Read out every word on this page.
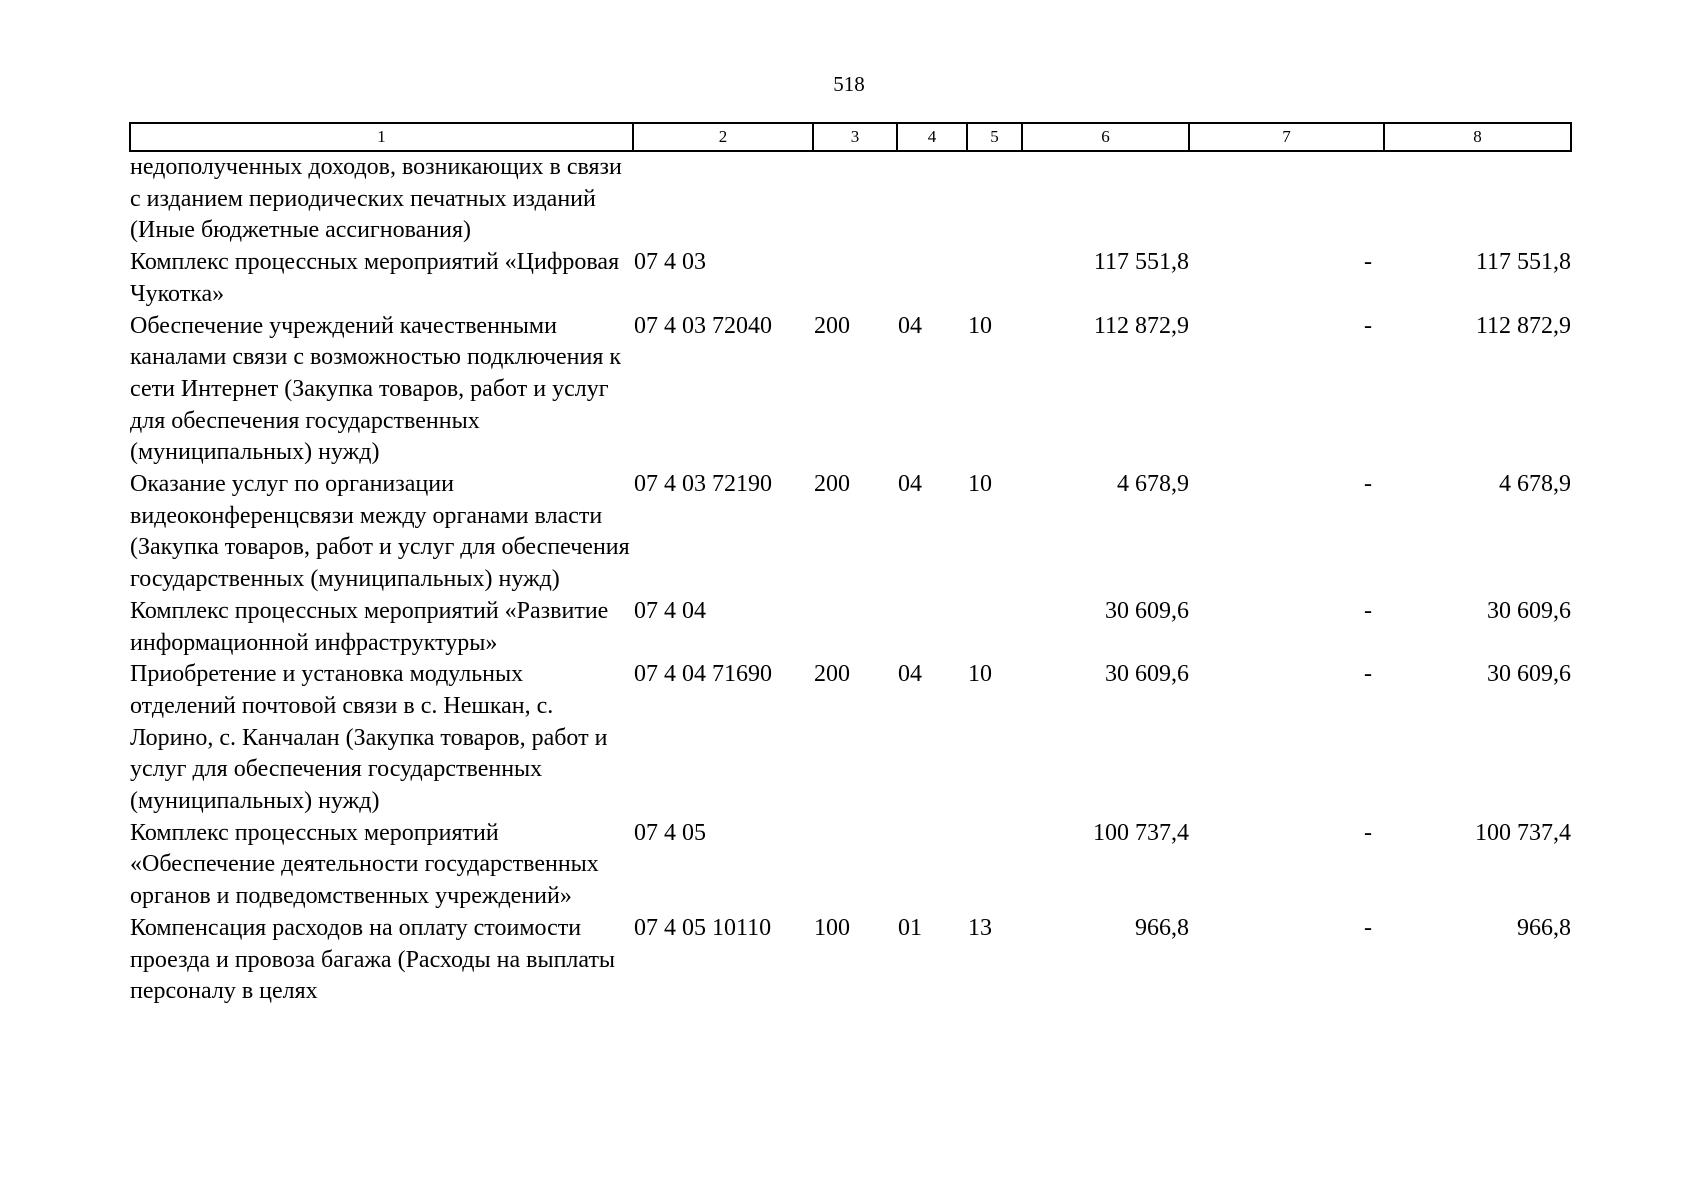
518
1	2	3	4	5	6	7	8
недополученных доходов, возникающих в связи с изданием периодических печатных изданий (Иные бюджетные ассигнования)							
Комплекс процессных мероприятий «Цифровая Чукотка»	07 4 03				117 551,8	-	117 551,8
Обеспечение учреждений качественными каналами связи с возможностью подключения к сети Интернет (Закупка товаров, работ и услуг для обеспечения государственных (муниципальных) нужд)	07 4 03 72040	200	04	10	112 872,9	-	112 872,9
Оказание услуг по организации видеоконференцсвязи между органами власти (Закупка товаров, работ и услуг для обеспечения государственных (муниципальных) нужд)	07 4 03 72190	200	04	10	4 678,9	-	4 678,9
Комплекс процессных мероприятий «Развитие информационной инфраструктуры»	07 4 04				30 609,6	-	30 609,6
Приобретение и установка модульных отделений почтовой связи в с. Нешкан, с. Лорино, с. Канчалан (Закупка товаров, работ и услуг для обеспечения государственных (муниципальных) нужд)	07 4 04 71690	200	04	10	30 609,6	-	30 609,6
Комплекс процессных мероприятий «Обеспечение деятельности государственных органов и подведомственных учреждений»	07 4 05				100 737,4	-	100 737,4
Компенсация расходов на оплату стоимости проезда и провоза багажа (Расходы на выплаты персоналу в целях	07 4 05 10110	100	01	13	966,8	-	966,8
